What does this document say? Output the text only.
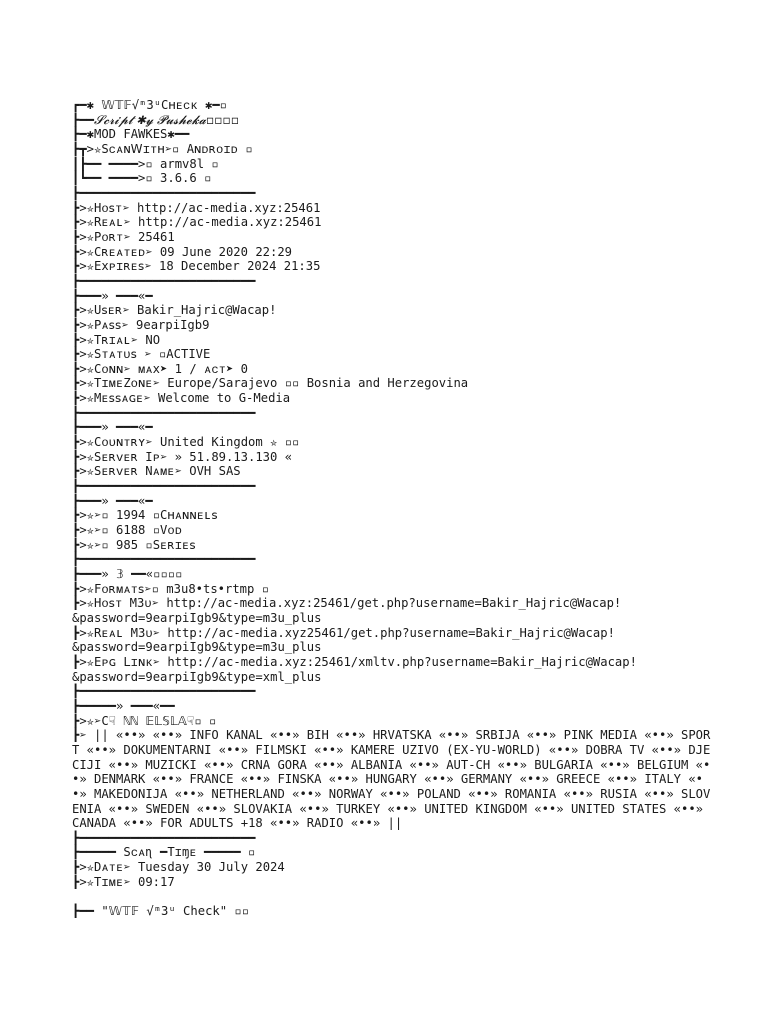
┏━✱ 𝕎𝕋𝔽√ᵐ3ᵘCʜᴇᴄᴋ ✱━▫
┣━━𝓢𝓬𝓻𝓲𝓹𝓽 ✱𝔂 𝓟𝓾𝓼𝓱𝓮𝓴𝓪▫▫▫▫
┣━✱MOD FAWKES✱━━
┣┳>✮Sᴄᴀɴ𝖶ɪᴛʜ➢▫ Aɴᴅʀᴏɪᴅ ▫
┃┣━━ ━━━━>▫ armv8l ▫
┃┗━━ ━━━━>▫ 3.6.6 ▫
┣━━━━━━━━━━━━━━━━━━━━━━━━
┣>✮Hᴏꜱᴛ➢ http://ac-media.xyz:25461
┣>✮Rᴇᴀʟ➢ http://ac-media.xyz:25461
┣>✮Pᴏʀᴛ➢ 25461
┣>✮Cʀᴇᴀᴛᴇᴅ➢ 09 June 2020 22:29
┣>✮Exᴘɪʀᴇꜱ➢ 18 December 2024 21:35
┣━━━━━━━━━━━━━━━━━━━━━━━━
┣━━━» ━━━«━
┣>✮Uꜱᴇʀ➢ Bakir_Hajric@Wacap!
┣>✮Pᴀꜱꜱ➢ 9earpiIgb9
┣>✮Tʀɪᴀʟ➢ NO
┣>✮Sᴛᴀᴛᴜꜱ ➢ ▫ACTIVE
┣>✮Cᴏɴɴ➢ ᴍᴀx➤ 1 / ᴀᴄᴛ➤ 0
┣>✮TɪᴍᴇZᴏɴᴇ➢ Europe/Sarajevo ▫▫ Bosnia and Herzegovina
┣>✮Mᴇꜱꜱᴀɢᴇ➢ Welcome to G-Media
┣━━━━━━━━━━━━━━━━━━━━━━━━
┣━━━» ━━━«━
┣>✮Cᴏᴜɴᴛʀʏ➢ United Kingdom ✮ ▫▫
┣>✮Sᴇʀᴠᴇʀ Iᴘ➢ » 51.89.13.130 «
┣>✮Sᴇʀᴠᴇʀ Nᴀᴍᴇ➢ OVH SAS
┣━━━━━━━━━━━━━━━━━━━━━━━━
┣━━━» ━━━«━
┣>✮➢▫ 1994 ▫Cʜᴀɴɴᴇʟꜱ
┣>✮➢▫ 6188 ▫Vᴏᴅ
┣>✮➢▫ 985 ▫Sᴇʀɪᴇꜱ
┣━━━━━━━━━━━━━━━━━━━━━━━━
┣━━━» 𝟛 ━━«▫▫▫▫
┣>✮Fᴏʀᴍᴀᴛꜱ➢▫ m3u8•ts•rtmp ▫
┣>✮Hᴏꜱᴛ M3ᴜ➢ http://ac-media.xyz:25461/get.php?username=Bakir_Hajric@Wacap!
&password=9earpiIgb9&type=m3u_plus
┣>✮Rᴇᴀʟ M3ᴜ➢ http://ac-media.xyz25461/get.php?username=Bakir_Hajric@Wacap!
&password=9earpiIgb9&type=m3u_plus
┣>✮Eᴘɢ Lɪɴᴋ➢ http://ac-media.xyz:25461/xmltv.php?username=Bakir_Hajric@Wacap!
&password=9earpiIgb9&type=xml_plus
┣━━━━━━━━━━━━━━━━━━━━━━━━
┣━━━━━» ━━━«━━
┣>✮➢C☟ ℕℕ 𝔼𝕃𝕊𝕃𝔸☟▫ ▫
┣➢ || «••» «••» INFO KANAL «••» BIH «••» HRVATSKA «••» SRBIJA «••» PINK MEDIA «••» SPORT «••» DOKUMENTARNI «••» FILMSKI «••» KAMERE UZIVO (EX-YU-WORLD) «••» DOBRA TV «••» DJECIJI «••» MUZICKI «••» CRNA GORA «••» ALBANIA «••» AUT-CH «••» BULGARIA «••» BELGIUM «••» DENMARK «••» FRANCE «••» FINSKA «••» HUNGARY «••» GERMANY «••» GREECE «••» ITALY «••» MAKEDONIJA «••» NETHERLAND «••» NORWAY «••» POLAND «••» ROMANIA «••» RUSIA «••» SLOVENIA «••» SWEDEN «••» SLOVAKIA «••» TURKEY «••» UNITED KINGDOM «••» UNITED STATES «••» CANADA «••» FOR ADULTS +18 «••» RADIO «••» ||
┣━━━━━━━━━━━━━━━━━━━━━━━━
┣━━━━━ Sᴄᴀɳ ━Tɪɱᴇ ━━━━━ ▫
┣>✮Dᴀᴛᴇ➢ Tuesday 30 July 2024
┣>✮Tɪᴍᴇ➢ 09:17
┣━━ "𝕎𝕋𝔽 √ᵐ3ᵘ Check" ▫▫
